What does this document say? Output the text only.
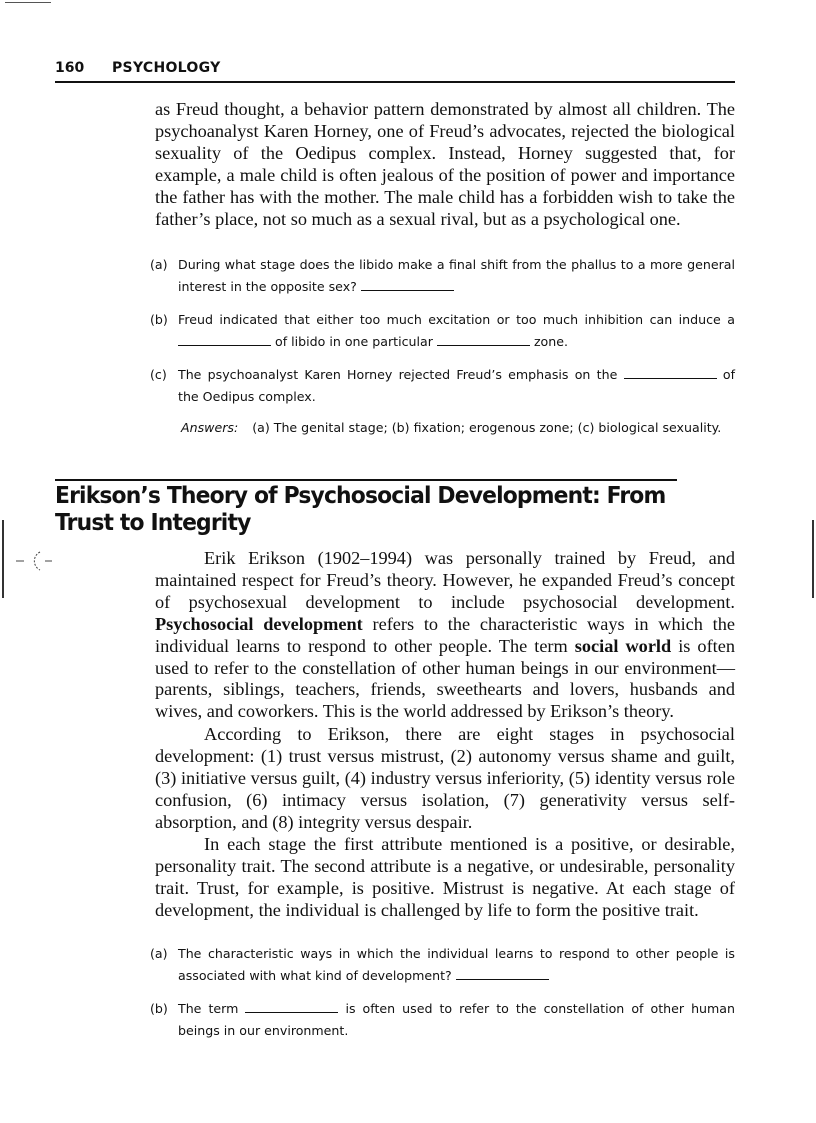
160 PSYCHOLOGY

as Freud thought, a behavior pattern demonstrated by almost all children. The psychoanalyst Karen Horney, one of Freud’s advocates, rejected the biological sexuality of the Oedipus complex. Instead, Horney suggested that, for example, a male child is often jealous of the position of power and importance the father has with the mother. The male child has a forbidden wish to take the father’s place, not so much as a sexual rival, but as a psychological one.

(a) During what stage does the libido make a final shift from the phallus to a more general interest in the opposite sex?
(b) Freud indicated that either too much excitation or too much inhibition can induce a  of libido in one particular	zone.
(c) The psychoanalyst Karen Horney rejected Freud’s emphasis on the	of the Oedipus complex.
Answers: (a) The genital stage; (b) fixation; erogenous zone; (c) biological sexuality.
Erikson’s Theory of Psychosocial Development: From Trust to Integrity

Erik Erikson (1902–1994) was personally trained by Freud, and maintained respect for Freud’s theory. However, he expanded Freud’s concept of psychosexual development to include psychosocial development. Psychosocial development refers to the characteristic ways in which the individual learns to respond to other people. The term social world is often used to refer to the constellation of other human beings in our environment—parents, siblings, teachers, friends, sweethearts and lovers, husbands and wives, and coworkers. This is the world addressed by Erikson’s theory.

According to Erikson, there are eight stages in psychosocial development: (1) trust versus mistrust, (2) autonomy versus shame and guilt, (3) initiative versus guilt, (4) industry versus inferiority, (5) identity versus role confusion, (6) intimacy versus isolation, (7) generativity versus self-absorption, and (8) integrity versus despair.

In each stage the first attribute mentioned is a positive, or desirable, personality trait. The second attribute is a negative, or undesirable, personality trait. Trust, for example, is positive. Mistrust is negative. At each stage of development, the individual is challenged by life to form the positive trait.

(a) The characteristic ways in which the individual learns to respond to other people is associated with what kind of development?
(b) The term	is often used to refer to the constellation of other human beings in our environment.
